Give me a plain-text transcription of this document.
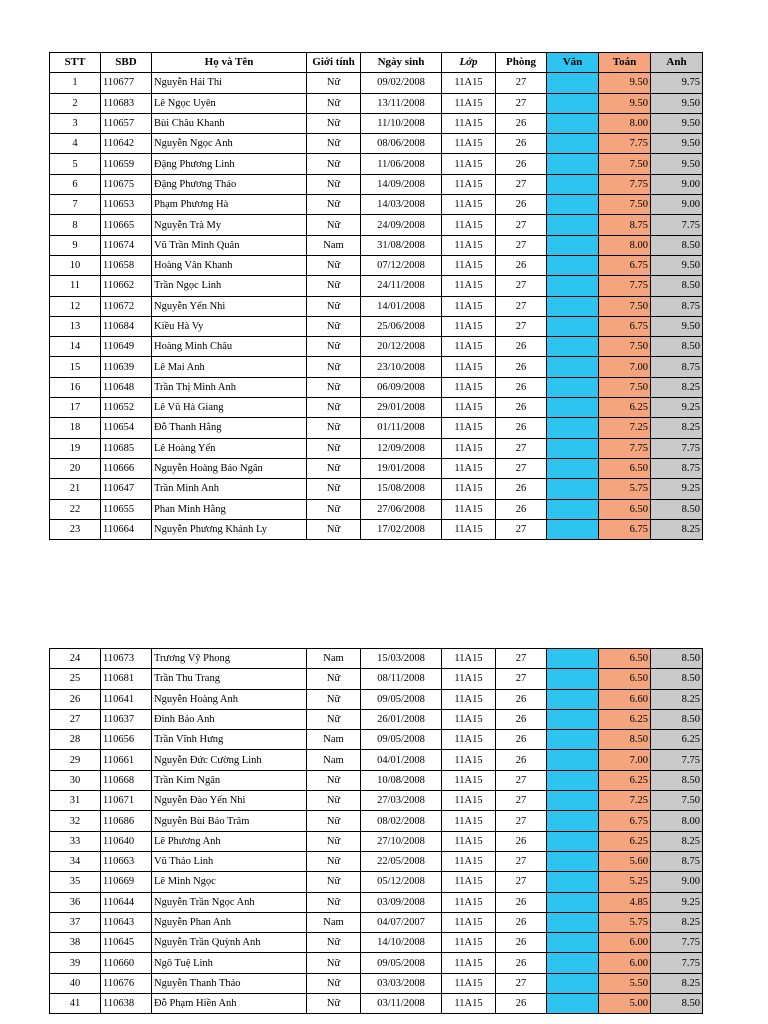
STT	SBD	Họ và Tên	Giới tính	Ngày sinh	Lớp	Phòng	Văn	Toán	Anh
1	110677	Nguyễn Hải Thi	Nữ	09/02/2008	11A15	27		9.50	9.75
2	110683	Lê Ngọc Uyên	Nữ	13/11/2008	11A15	27		9.50	9.50
3	110657	Bùi Châu Khanh	Nữ	11/10/2008	11A15	26		8.00	9.50
4	110642	Nguyễn Ngọc Anh	Nữ	08/06/2008	11A15	26		7.75	9.50
5	110659	Đặng Phương Linh	Nữ	11/06/2008	11A15	26		7.50	9.50
6	110675	Đặng Phương Thảo	Nữ	14/09/2008	11A15	27		7.75	9.00
7	110653	Phạm Phương Hà	Nữ	14/03/2008	11A15	26		7.50	9.00
8	110665	Nguyễn Trà My	Nữ	24/09/2008	11A15	27		8.75	7.75
9	110674	Vũ Trần Minh Quân	Nam	31/08/2008	11A15	27		8.00	8.50
10	110658	Hoàng Vân Khanh	Nữ	07/12/2008	11A15	26		6.75	9.50
11	110662	Trần Ngọc Linh	Nữ	24/11/2008	11A15	27		7.75	8.50
12	110672	Nguyễn Yến Nhi	Nữ	14/01/2008	11A15	27		7.50	8.75
13	110684	Kiều Hà Vy	Nữ	25/06/2008	11A15	27		6.75	9.50
14	110649	Hoàng Minh Châu	Nữ	20/12/2008	11A15	26		7.50	8.50
15	110639	Lê Mai Anh	Nữ	23/10/2008	11A15	26		7.00	8.75
16	110648	Trần Thị Minh Anh	Nữ	06/09/2008	11A15	26		7.50	8.25
17	110652	Lê Vũ Hà Giang	Nữ	29/01/2008	11A15	26		6.25	9.25
18	110654	Đỗ Thanh Hằng	Nữ	01/11/2008	11A15	26		7.25	8.25
19	110685	Lê Hoàng Yến	Nữ	12/09/2008	11A15	27		7.75	7.75
20	110666	Nguyễn Hoàng Bảo Ngân	Nữ	19/01/2008	11A15	27		6.50	8.75
21	110647	Trần Minh Anh	Nữ	15/08/2008	11A15	26		5.75	9.25
22	110655	Phan Minh Hằng	Nữ	27/06/2008	11A15	26		6.50	8.50
23	110664	Nguyễn Phương Khánh Ly	Nữ	17/02/2008	11A15	27		6.75	8.25
24	110673	Trương Vỹ Phong	Nam	15/03/2008	11A15	27		6.50	8.50
25	110681	Trần Thu Trang	Nữ	08/11/2008	11A15	27		6.50	8.50
26	110641	Nguyễn Hoàng Anh	Nữ	09/05/2008	11A15	26		6.60	8.25
27	110637	Đinh Bảo Anh	Nữ	26/01/2008	11A15	26		6.25	8.50
28	110656	Trần Vĩnh Hưng	Nam	09/05/2008	11A15	26		8.50	6.25
29	110661	Nguyễn Đức Cường Linh	Nam	04/01/2008	11A15	26		7.00	7.75
30	110668	Trần Kim Ngân	Nữ	10/08/2008	11A15	27		6.25	8.50
31	110671	Nguyễn Đào Yến Nhi	Nữ	27/03/2008	11A15	27		7.25	7.50
32	110686	Nguyễn Bùi Bảo Trâm	Nữ	08/02/2008	11A15	27		6.75	8.00
33	110640	Lê Phương Anh	Nữ	27/10/2008	11A15	26		6.25	8.25
34	110663	Vũ Thảo Linh	Nữ	22/05/2008	11A15	27		5.60	8.75
35	110669	Lê Minh Ngọc	Nữ	05/12/2008	11A15	27		5.25	9.00
36	110644	Nguyễn Trần Ngọc Anh	Nữ	03/09/2008	11A15	26		4.85	9.25
37	110643	Nguyễn Phan Anh	Nam	04/07/2007	11A15	26		5.75	8.25
38	110645	Nguyễn Trần Quỳnh Anh	Nữ	14/10/2008	11A15	26		6.00	7.75
39	110660	Ngô Tuệ Linh	Nữ	09/05/2008	11A15	26		6.00	7.75
40	110676	Nguyễn Thanh Thảo	Nữ	03/03/2008	11A15	27		5.50	8.25
41	110638	Đỗ Phạm Hiền Anh	Nữ	03/11/2008	11A15	26		5.00	8.50
